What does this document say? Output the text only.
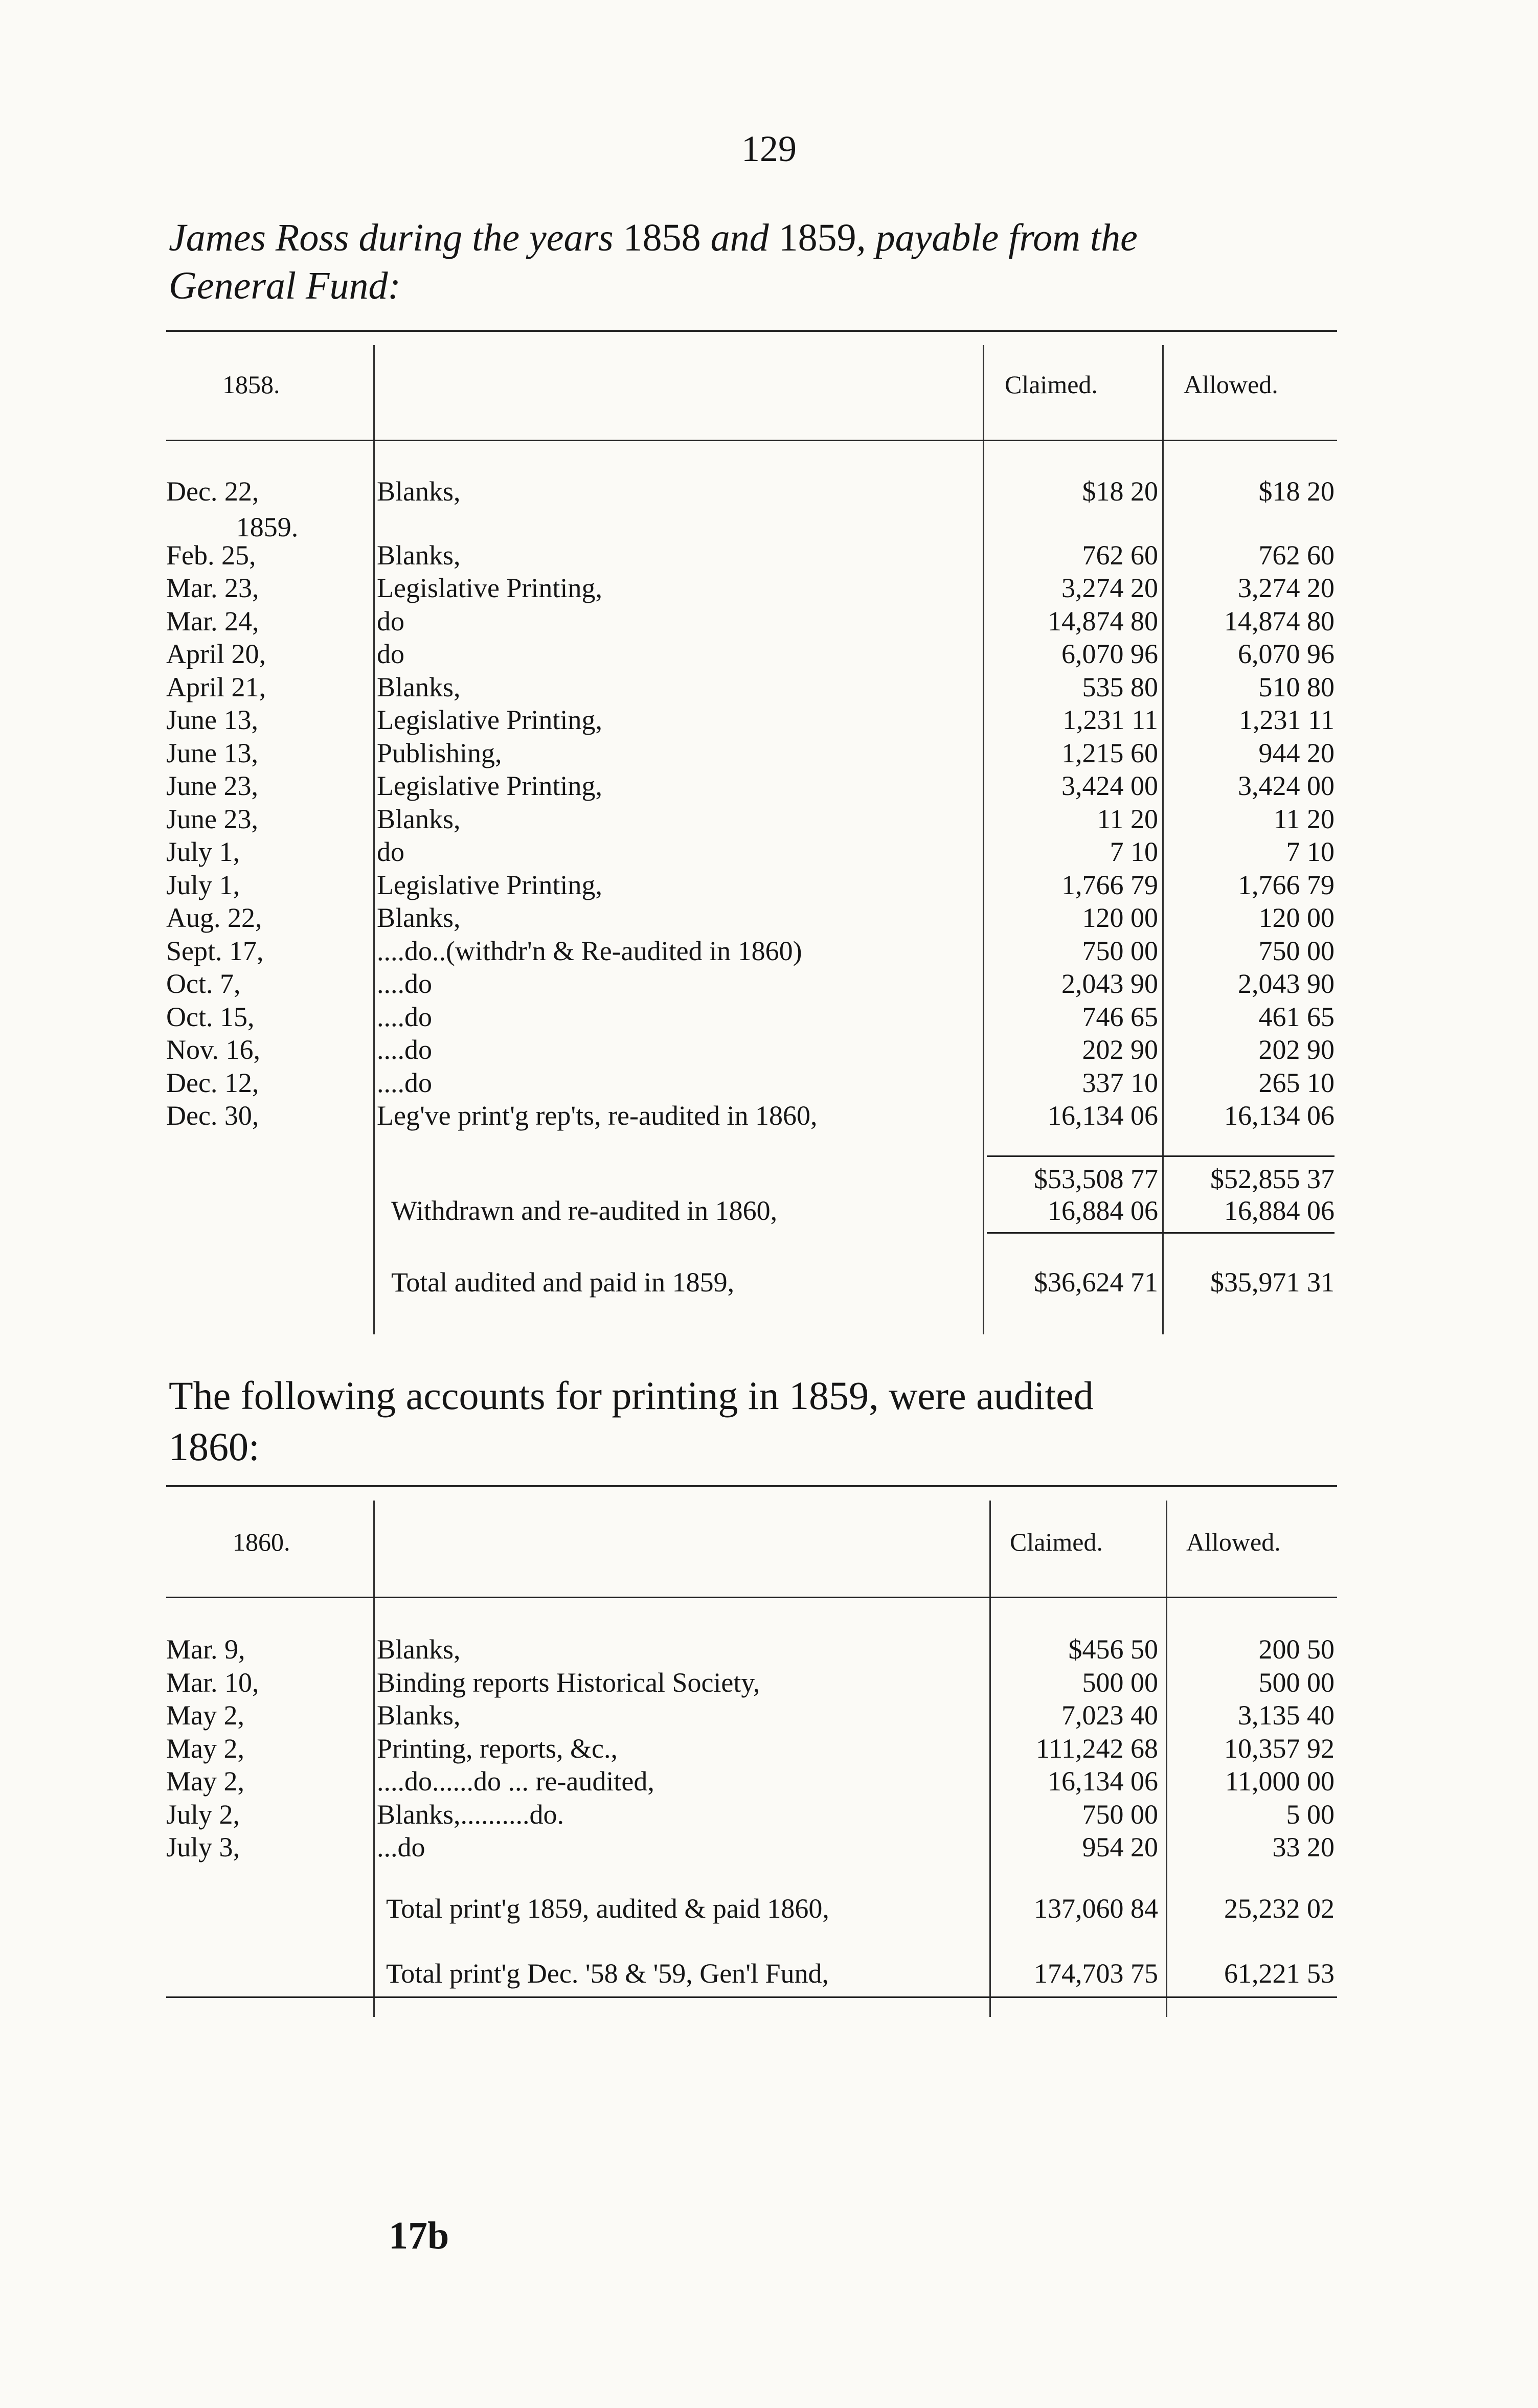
129
James Ross during the years 1858 and 1859, payable from the
General Fund:
1858.	Claimed.	Allowed.
Dec. 22,	Blanks,	$18 20	$18 20
Feb. 25,	Blanks,	762 60	762 60
Mar. 23,	Legislative Printing,	3,274 20	3,274 20
Mar. 24,	do	14,874 80	14,874 80
April 20,	do	6,070 96	6,070 96
April 21,	Blanks,	535 80	510 80
June 13,	Legislative Printing,	1,231 11	1,231 11
June 13,	Publishing,	1,215 60	944 20
June 23,	Legislative Printing,	3,424 00	3,424 00
June 23,	Blanks,	11 20	11 20
July 1,	do	7 10	7 10
July 1,	Legislative Printing,	1,766 79	1,766 79
Aug. 22,	Blanks,	120 00	120 00
Sept. 17,	....do..(withdr'n & Re-audited in 1860)	750 00	750 00
Oct. 7,	....do	2,043 90	2,043 90
Oct. 15,	....do	746 65	461 65
Nov. 16,	....do	202 90	202 90
Dec. 12,	....do	337 10	265 10
Dec. 30,	Leg've print'g rep'ts, re-audited in 1860,	16,134 06	16,134 06
1859.
$53,508 77	$52,855 37
Withdrawn and re-audited in 1860,	16,884 06	16,884 06
Total audited and paid in 1859,	$36,624 71	$35,971 31
The following accounts for printing in 1859, were audited
1860:
1860.	Claimed.	Allowed.
Mar. 9,	Blanks,	$456 50	200 50
Mar. 10,	Binding reports Historical Society,	500 00	500 00
May 2,	Blanks,	7,023 40	3,135 40
May 2,	Printing, reports, &c.,	111,242 68	10,357 92
May 2,	....do......do ... re-audited,	16,134 06	11,000 00
July 2,	Blanks,..........do.	750 00	5 00
July 3,	...do	954 20	33 20
Total print'g 1859, audited & paid 1860,	137,060 84	25,232 02
Total print'g Dec. '58 & '59, Gen'l Fund,	174,703 75	61,221 53
17b
